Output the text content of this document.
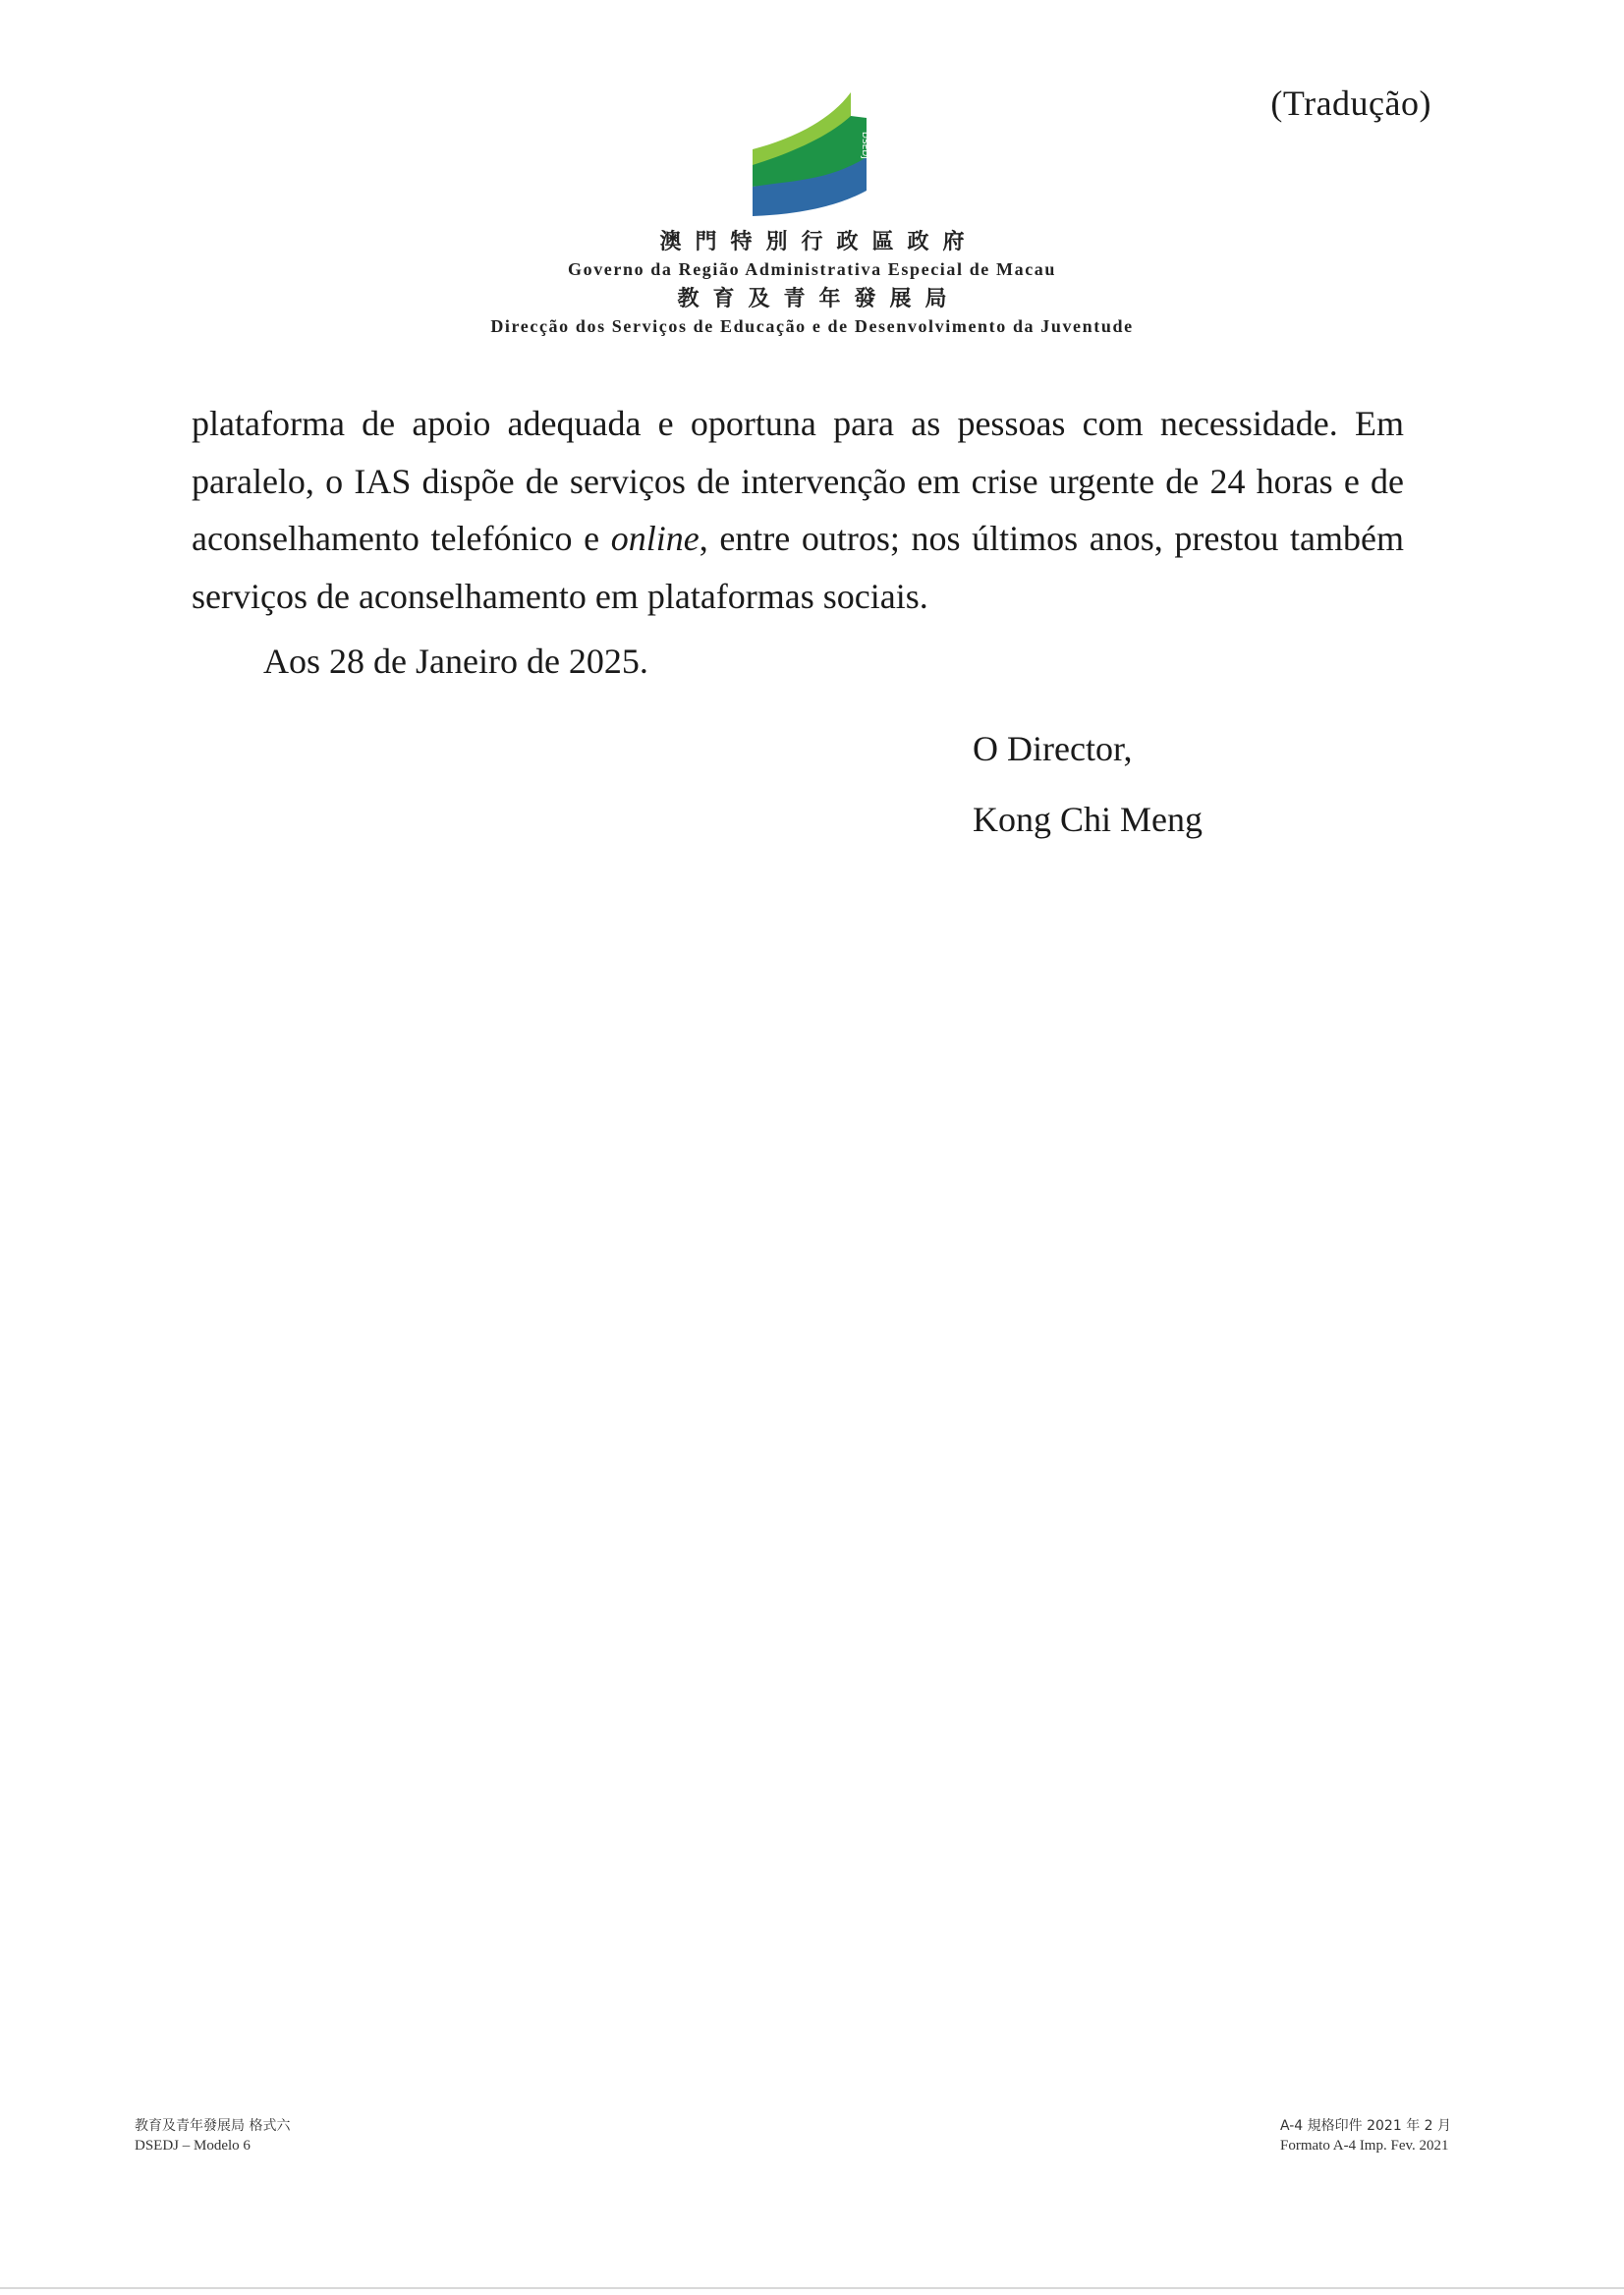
(Tradução)
DSEDJ
澳門特別行政區政府
Governo da Região Administrativa Especial de Macau
教育及青年發展局
Direcção dos Serviços de Educação e de Desenvolvimento da Juventude

plataforma de apoio adequada e oportuna para as pessoas com necessidade. Em paralelo, o IAS dispõe de serviços de intervenção em crise urgente de 24 horas e de aconselhamento telefónico e online, entre outros; nos últimos anos, prestou também serviços de aconselhamento em plataformas sociais.

Aos 28 de Janeiro de 2025.
O Director,
Kong Chi Meng
教育及青年發展局 格式六
DSEDJ – Modelo 6
A-4 規格印件 2021 年 2 月
Formato A-4 Imp. Fev. 2021
